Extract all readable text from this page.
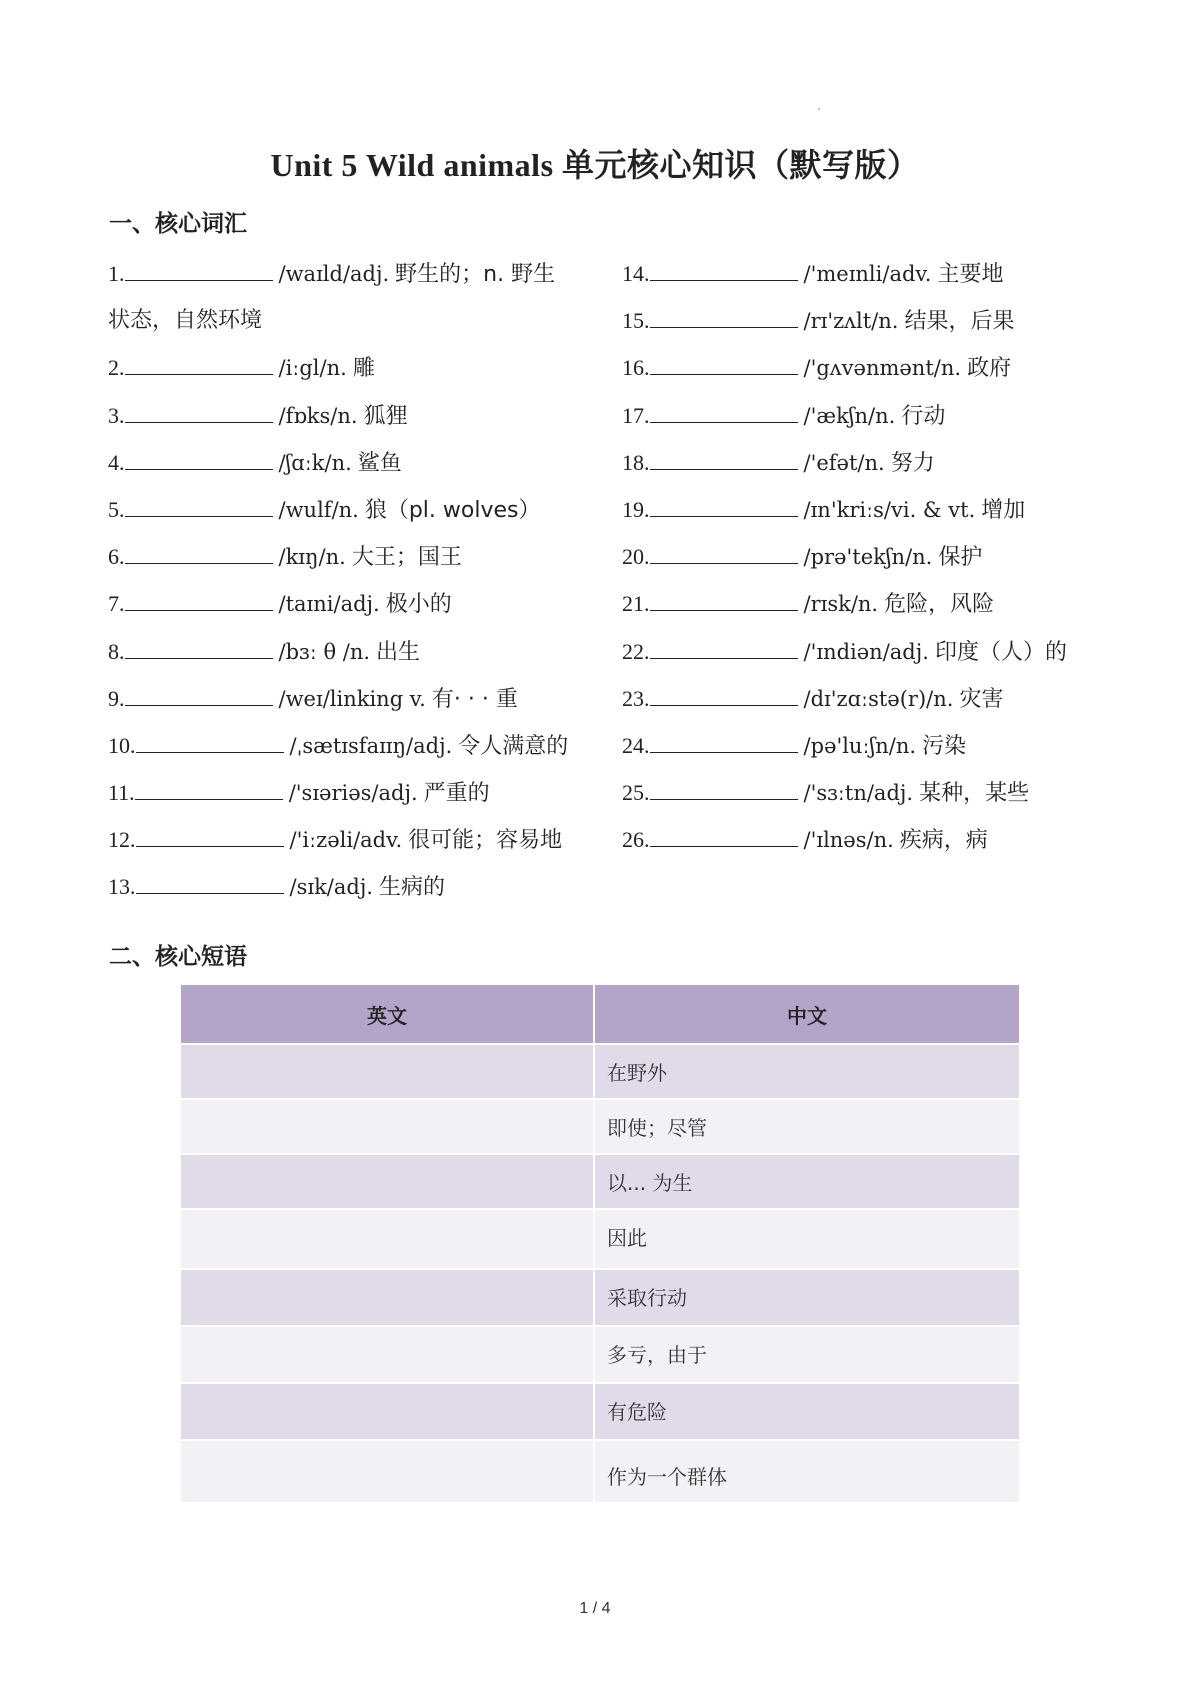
Unit 5 Wild animals 单元核心知识（默写版）
一、核心词汇
1.	/waɪld/adj. 野生的；n. 野生
状态，自然环境
2.	/iːgl/n. 雕
3.	/fɒks/n. 狐狸
4.	/ʃɑːk/n. 鲨鱼
5.	/wulf/n. 狼（pl. wolves）
6.	/kɪŋ/n. 大王；国王
7.	/taɪni/adj. 极小的
8.	/bɜː θ /n. 出生
9.	/weɪ/linking v. 有· · · 重
10.	/ˌsætɪsfaɪɪŋ/adj. 令人满意的
11.	/'sɪəriəs/adj. 严重的
12.	/'iːzəli/adv. 很可能；容易地
13.	/sɪk/adj. 生病的
14.	/'meɪnli/adv. 主要地
15.	/rɪ'zʌlt/n. 结果，后果
16.	/'gʌvənmənt/n. 政府
17.	/'ækʃn/n. 行动
18.	/'efət/n. 努力
19.	/ɪn'kriːs/vi. & vt. 增加
20.	/prə'tekʃn/n. 保护
21.	/rɪsk/n. 危险，风险
22.	/'ɪndiən/adj. 印度（人）的
23.	/dɪ'zɑːstə(r)/n. 灾害
24.	/pə'luːʃn/n. 污染
25.	/'sɜːtn/adj. 某种，某些
26.	/'ɪlnəs/n. 疾病，病
二、核心短语
英文	中文
	在野外
	即使；尽管
	以... 为生
	因此
	采取行动
	多亏，由于
	有危险
	作为一个群体
1 / 4
